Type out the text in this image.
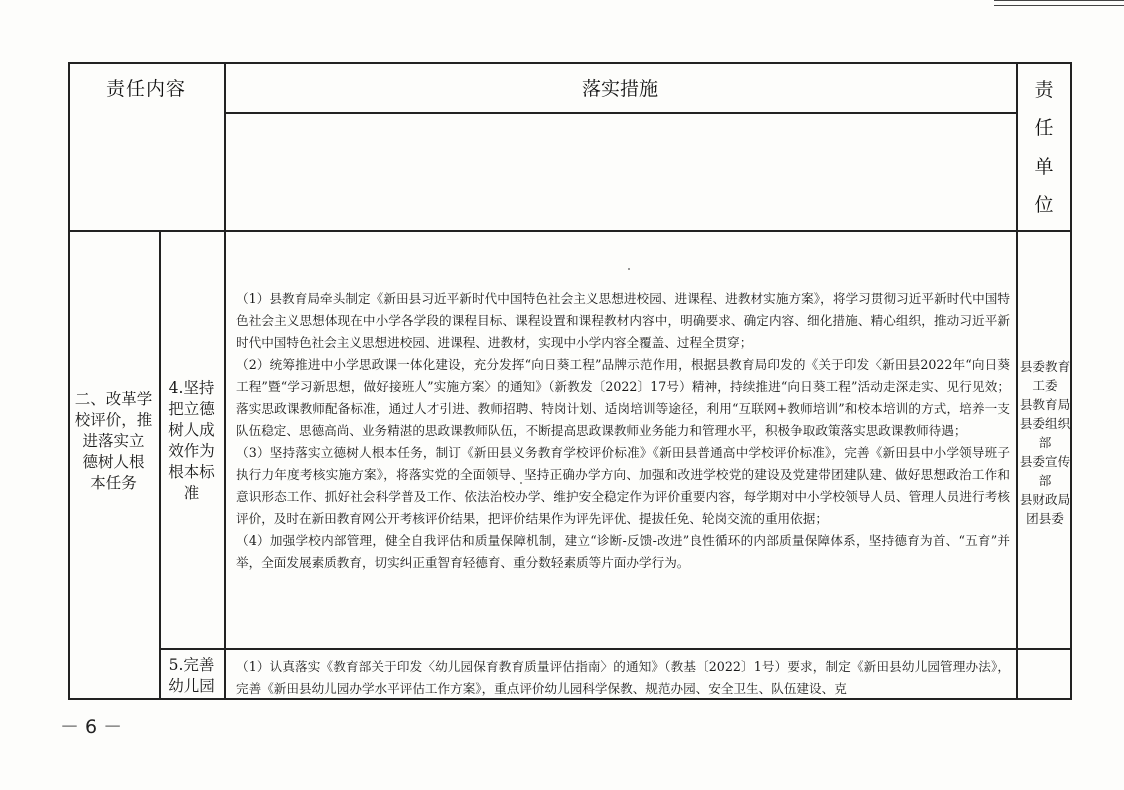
责任内容	落实措施	责
任
单
位
二、改革学
校评价，推
进落实立
德树人根
本任务
4.坚持
把立德
树人成
效作为
根本标
准

（1）县教育局牵头制定《新田县习近平新时代中国特色社会主义思想进校园、进课程、进教材实施方案》，将学习贯彻习近平新时代中国特色社会主义思想体现在中小学各学段的课程目标、课程设置和课程教材内容中，明确要求、确定内容、细化措施、精心组织，推动习近平新时代中国特色社会主义思想进校园、进课程、进教材，实现中小学内容全覆盖、过程全贯穿；

（2）统筹推进中小学思政课一体化建设，充分发挥“向日葵工程”品牌示范作用，根据县教育局印发的《关于印发〈新田县2022年“向日葵工程”暨“学习新思想，做好接班人”实施方案〉的通知》（新教发〔2022〕17号）精神，持续推进“向日葵工程”活动走深走实、见行见效；落实思政课教师配备标准，通过人才引进、教师招聘、特岗计划、适岗培训等途径，利用“互联网+教师培训”和校本培训的方式，培养一支队伍稳定、思德高尚、业务精湛的思政课教师队伍，不断提高思政课教师业务能力和管理水平，积极争取政策落实思政课教师待遇；

（3）坚持落实立德树人根本任务，制订《新田县义务教育学校评价标准》《新田县普通高中学校评价标准》，完善《新田县中小学领导班子执行力年度考核实施方案》，将落实党的全面领导、坚持正确办学方向、加强和改进学校党的建设及党建带团建队建、做好思想政治工作和意识形态工作、抓好社会科学普及工作、依法治校办学、维护安全稳定作为评价重要内容，每学期对中小学校领导人员、管理人员进行考核评价，及时在新田教育网公开考核评价结果，把评价结果作为评先评优、提拔任免、轮岗交流的重用依据；

（4）加强学校内部管理，健全自我评估和质量保障机制，建立“诊断-反馈-改进”良性循环的内部质量保障体系，坚持德育为首、“五育”并举，全面发展素质教育，切实纠正重智育轻德育、重分数轻素质等片面办学行为。

县委教育工委
县教育局
县委组织部
县委宣传部
县财政局
团县委
5.完善
幼儿园

（1）认真落实《教育部关于印发〈幼儿园保育教育质量评估指南〉的通知》（教基〔2022〕1号）要求，制定《新田县幼儿园管理办法》，完善《新田县幼儿园办学水平评估工作方案》，重点评价幼儿园科学保教、规范办园、安全卫生、队伍建设、克

－6－
